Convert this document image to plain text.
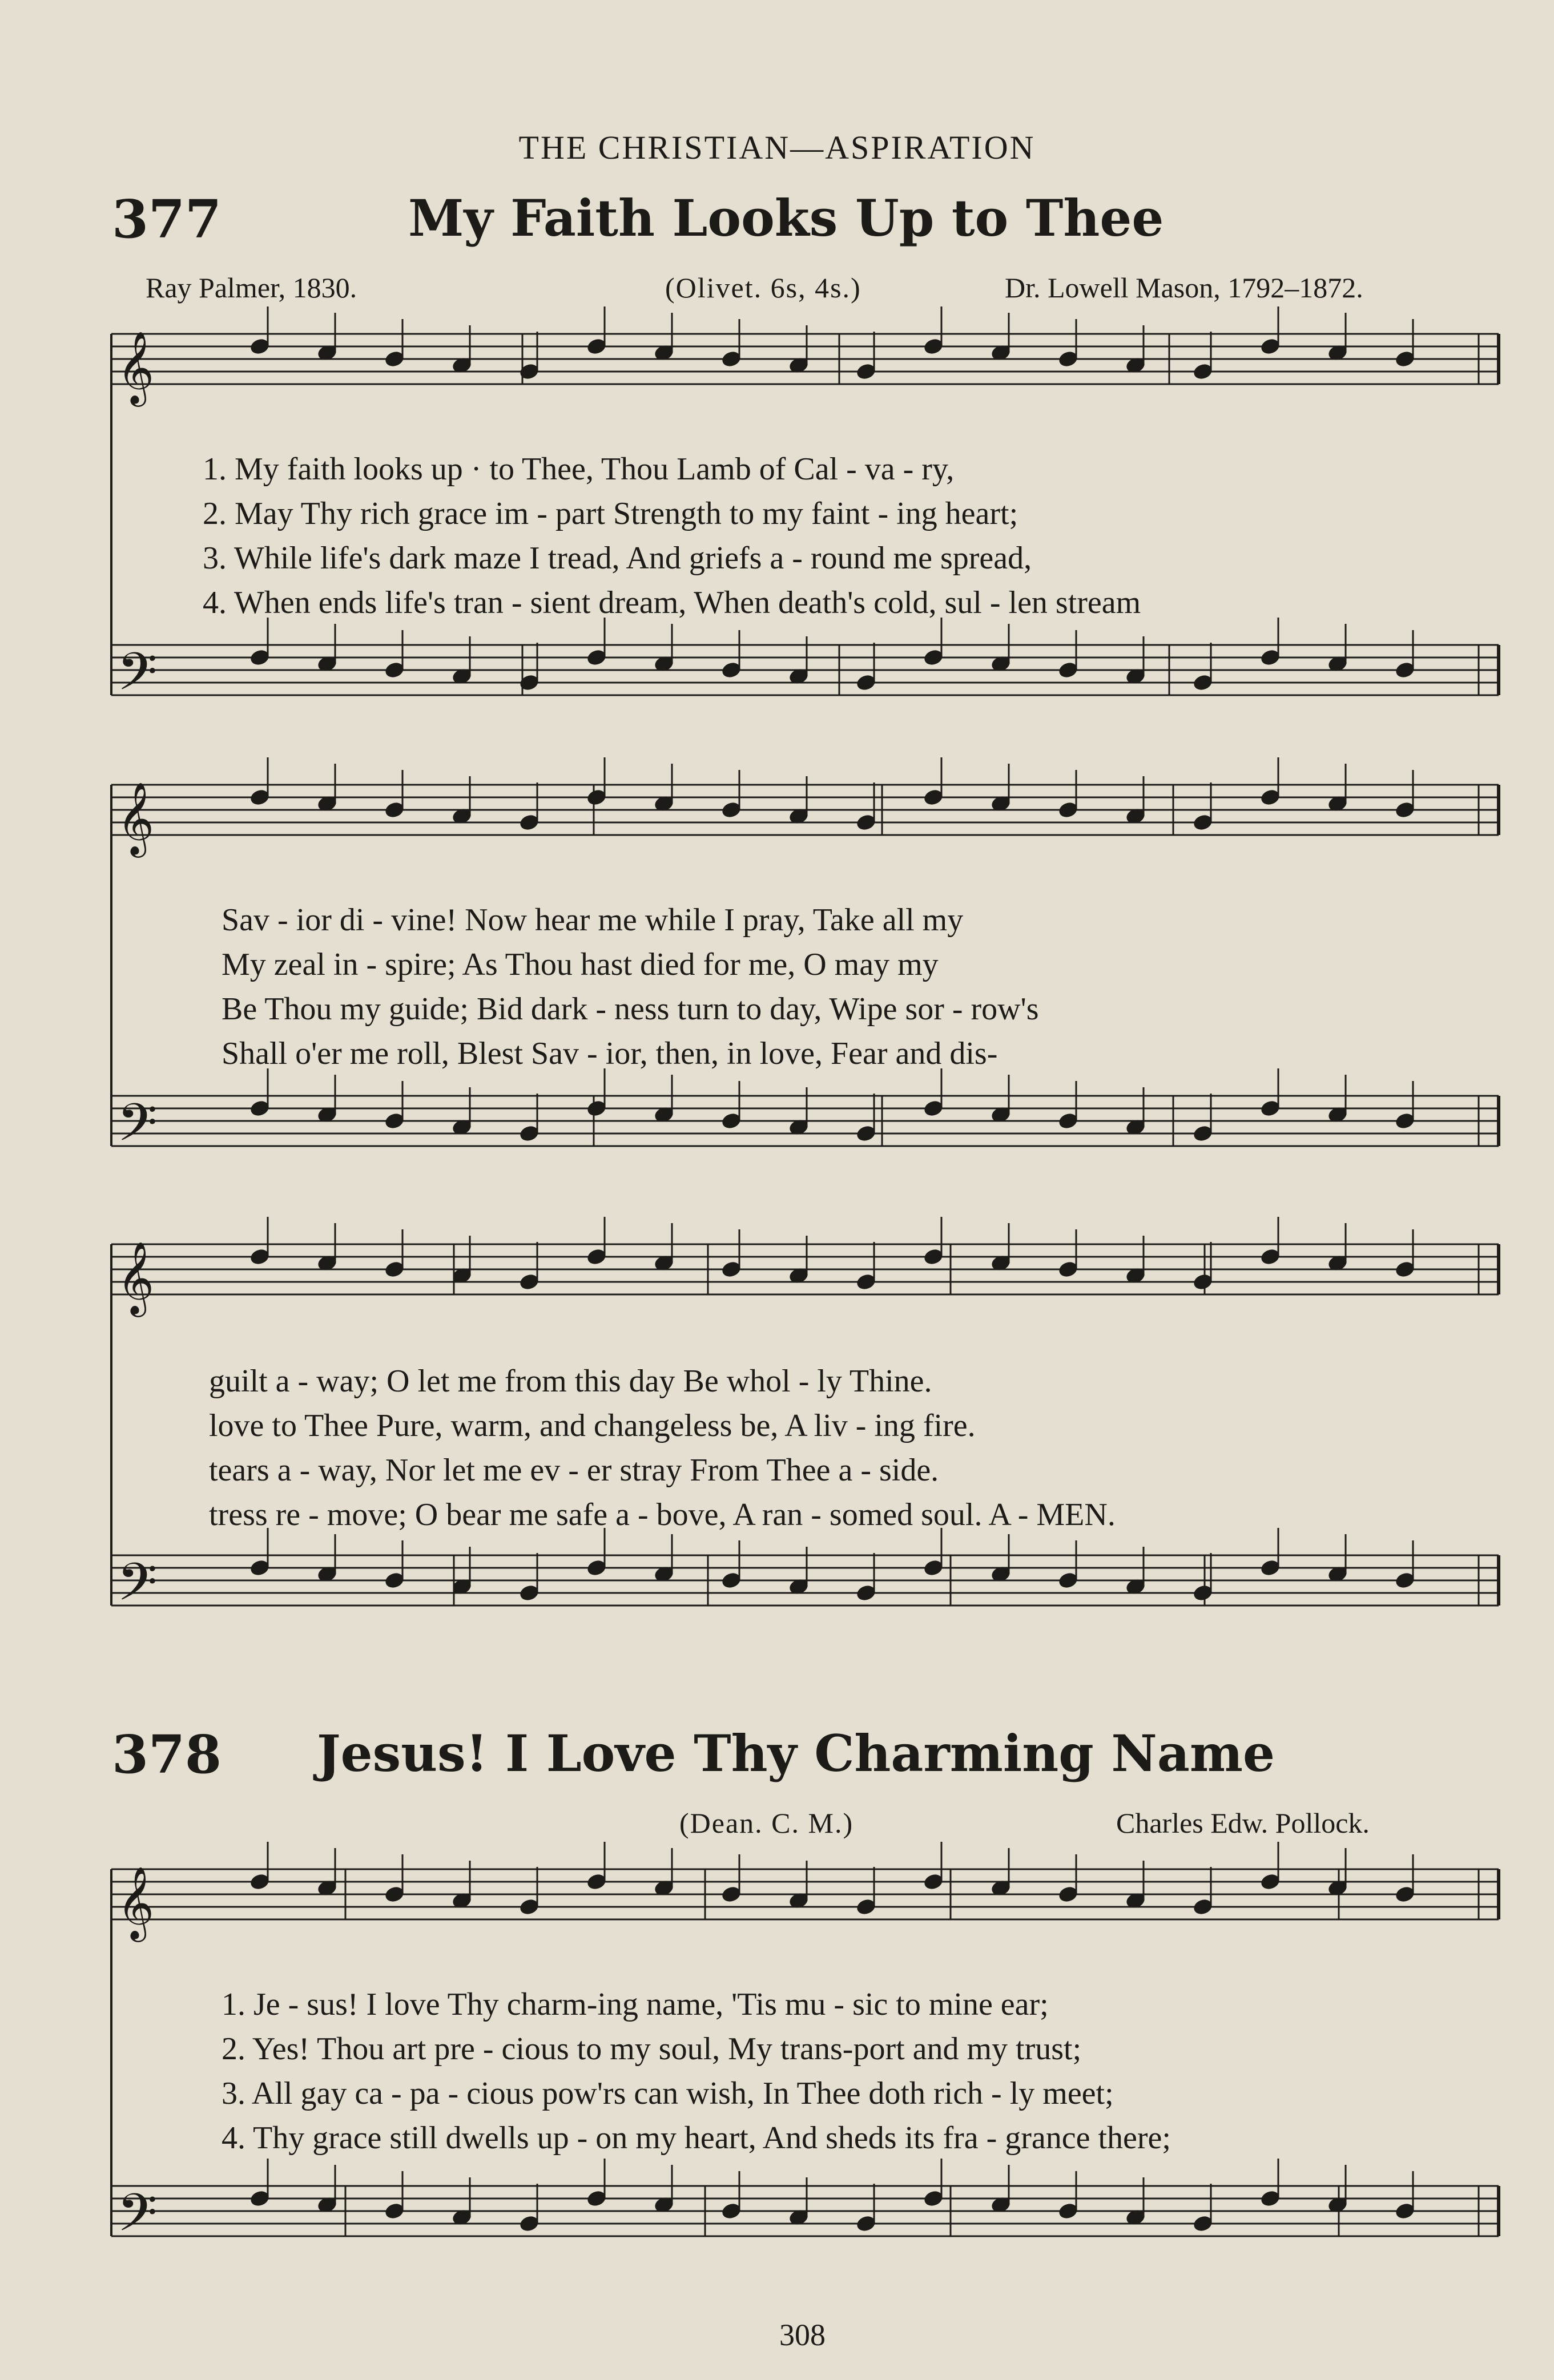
𝄞
𝄢
𝄞
𝄢
𝄞
𝄢
𝄞
𝄢
THE CHRISTIAN—ASPIRATION
377	My Faith Looks Up to Thee
Ray Palmer, 1830.	(Olivet. 6s, 4s.)	Dr. Lowell Mason, 1792–1872.
1. My faith looks up · to Thee, Thou Lamb of Cal - va - ry,
2. May Thy rich grace im - part Strength to my faint - ing heart;
3. While life's dark maze I tread, And griefs a - round me spread,
4. When ends life's tran - sient dream, When death's cold, sul - len stream
Sav - ior di - vine! Now hear me while I pray, Take all my
My zeal in - spire; As Thou hast died for me, O may my
Be Thou my guide; Bid dark - ness turn to day, Wipe sor - row's
Shall o'er me roll, Blest Sav - ior, then, in love, Fear and dis-
guilt a - way; O let me from this day Be whol - ly Thine.
love to Thee Pure, warm, and changeless be, A liv - ing fire.
tears a - way, Nor let me ev - er stray From Thee a - side.
tress re - move; O bear me safe a - bove, A ran - somed soul. A - MEN.
378 Jesus! I Love Thy Charming Name
(Dean. C. M.)	Charles Edw. Pollock.
1. Je - sus! I love Thy charm-ing name, 'Tis mu - sic to mine ear;
2. Yes! Thou art pre - cious to my soul, My trans-port and my trust;
3. All gay ca - pa - cious pow'rs can wish, In Thee doth rich - ly meet;
4. Thy grace still dwells up - on my heart, And sheds its fra - grance there;
308
